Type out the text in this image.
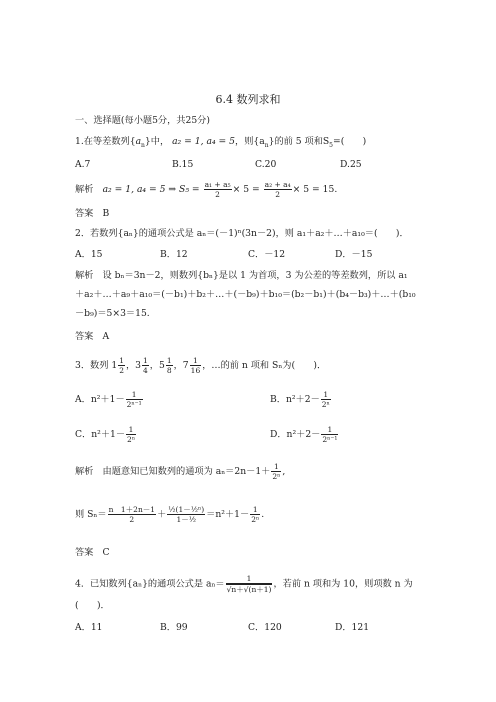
6.4 数列求和
一、选择题(每小题5分，共25分)
1.在等差数列$\{a_n\}$中， a₂ = 1, a₄ = 5，则$\{a_n\}$的前 5 项和$S_5=$(　　 )
A.7	B.15	C.20	D.25
解析　 a₂ = 1, a₄ = 5 ⇒ $S_5 = \frac{\text{a₁ + a₅}}{2} \times 5 = \frac{\text{a₂ + a₄}}{2} \times 5 = 15$.
答案　B
2．若数列{aₙ}的通项公式是 aₙ＝(－1)ⁿ(3n－2)，则 a₁＋a₂＋…＋a₁₀＝(　　)．
A．15	B．12	C．－12	D．－15
解析　设 bₙ＝3n－2，则数列{bₙ}是以 1 为首项，3 为公差的等差数列，所以 a₁
＋a₂＋…＋a₉＋a₁₀＝(－b₁)＋b₂＋…＋(－b₉)＋b₁₀＝(b₂－b₁)＋(b₄－b₃)＋…＋(b₁₀
－b₉)＝5×3＝15.
答案　A
3．数列 $1 \frac{1}{2}$ ，$3 \frac{1}{4}$ ，$5 \frac{1}{8}$ ，$7 \frac{1}{16}$ ，…的前 n 项和 Sₙ为(　　)．
A．$n^2+1- \frac{1}{\text{2ⁿ⁻¹}}$	B．$n^2+2- \frac{1}{\text{2ⁿ}}$
C．$n^2+1- \frac{1}{\text{2ⁿ}}$	D．$n^2+2- \frac{1}{\text{2ⁿ⁻¹}}$
解析　由题意知已知数列的通项为 $a_n=2n-1+ \frac{1}{\text{2ⁿ}}$ ,
则 $S_n= \frac{n 1+2n-1}{2} + \frac{\text{½(1－½ⁿ)}}{\text{1－½}} =n^2+1- \frac{1}{\text{2ⁿ}}$ .
答案　C
4．已知数列{aₙ}的通项公式是 $a_n= \frac{1}{√n+√(n+1)}$ ，若前 n 项和为 10，则项数 n 为
(　　)．
A．11	B．99	C．120	D．121
